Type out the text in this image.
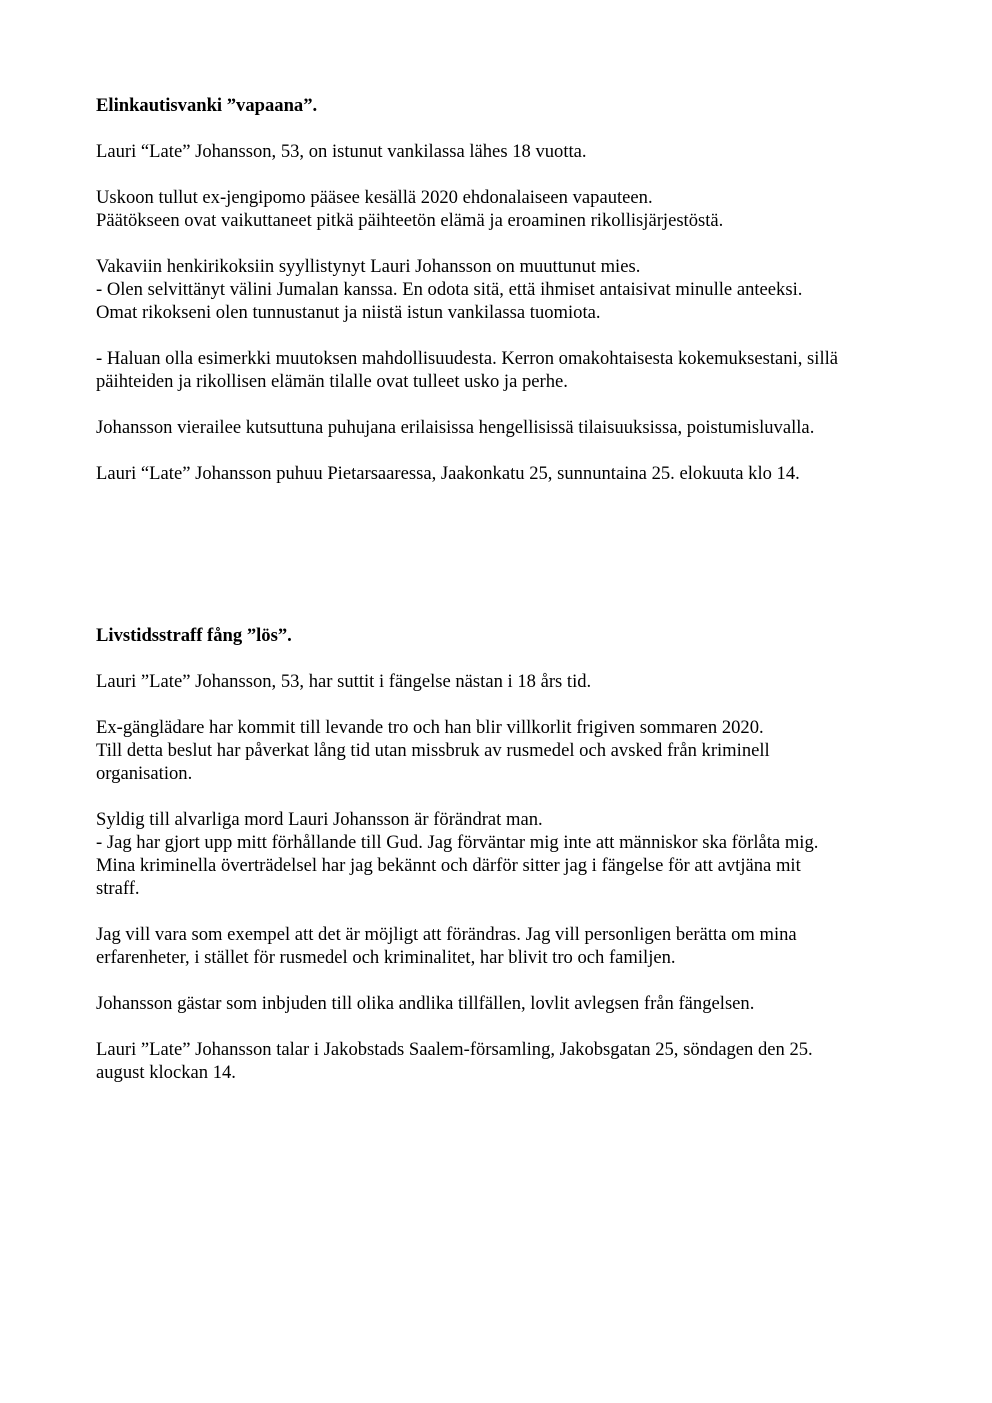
Elinkautisvanki ”vapaana”.
Lauri “Late” Johansson, 53, on istunut vankilassa lähes 18 vuotta.
Uskoon tullut ex-jengipomo pääsee kesällä 2020 ehdonalaiseen vapauteen.
Päätökseen ovat vaikuttaneet pitkä päihteetön elämä ja eroaminen rikollisjärjestöstä.
Vakaviin henkirikoksiin syyllistynyt Lauri Johansson on muuttunut mies.
- Olen selvittänyt välini Jumalan kanssa. En odota sitä, että ihmiset antaisivat minulle anteeksi.
Omat rikokseni olen tunnustanut ja niistä istun vankilassa tuomiota.
- Haluan olla esimerkki muutoksen mahdollisuudesta. Kerron omakohtaisesta kokemuksestani, sillä
päihteiden ja rikollisen elämän tilalle ovat tulleet usko ja perhe.
Johansson vierailee kutsuttuna puhujana erilaisissa hengellisissä tilaisuuksissa, poistumisluvalla.
Lauri “Late” Johansson puhuu Pietarsaaressa, Jaakonkatu 25, sunnuntaina 25. elokuuta klo 14.
Livstidsstraff fång ”lös”.
Lauri ”Late” Johansson, 53, har suttit i fängelse nästan i 18 års tid.
Ex-gänglädare har kommit till levande tro och han blir villkorlit frigiven sommaren 2020.
Till detta beslut har påverkat lång tid utan missbruk av rusmedel och avsked från kriminell
organisation.
Syldig till alvarliga mord Lauri Johansson är förändrat man.
- Jag har gjort upp mitt förhållande till Gud. Jag förväntar mig inte att människor ska förlåta mig.
Mina kriminella överträdelsel har jag bekännt och därför sitter jag i fängelse för att avtjäna mit
straff.
Jag vill vara som exempel att det är möjligt att förändras. Jag vill personligen berätta om mina
erfarenheter, i stället för rusmedel och kriminalitet, har blivit tro och familjen.
Johansson gästar som inbjuden till olika andlika tillfällen, lovlit avlegsen från fängelsen.
Lauri ”Late” Johansson talar i Jakobstads Saalem-församling, Jakobsgatan 25, söndagen den 25.
august klockan 14.
